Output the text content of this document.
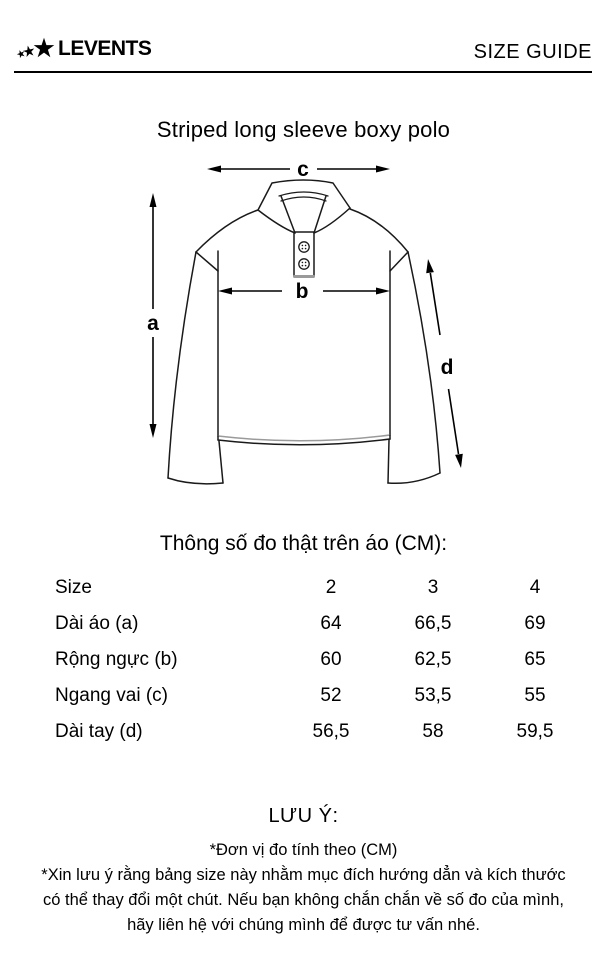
LEVENTS	SIZE GUIDE
Striped long sleeve boxy polo
c
a
b
d
Thông số đo thật trên áo (CM):
Size	2	3	4
Dài áo (a)	64	66,5	69
Rộng ngực (b)	60	62,5	65
Ngang vai (c)	52	53,5	55
Dài tay (d)	56,5	58	59,5
LƯU Ý:
*Đơn vị đo tính theo (CM)
*Xin lưu ý rằng bảng size này nhằm mục đích hướng dẳn và kích thước có thể thay đổi một chút. Nếu bạn không chắn chắn về số đo của mình, hãy liên hệ với chúng mình để được tư vấn nhé.
